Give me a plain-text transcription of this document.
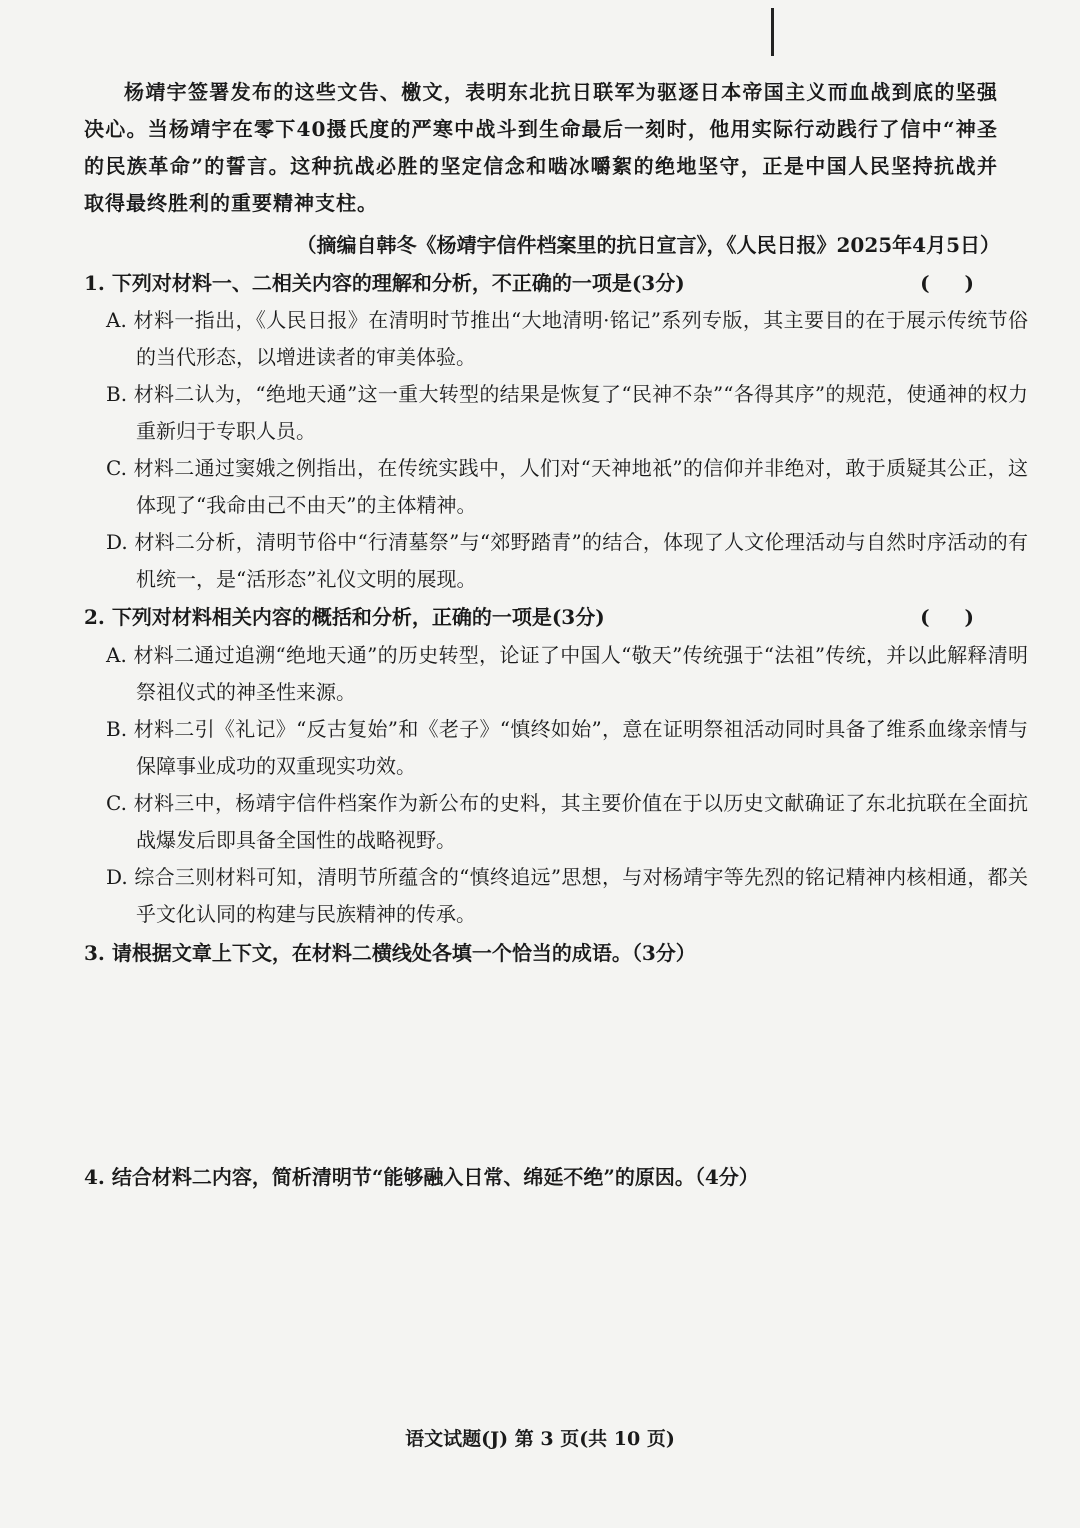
杨靖宇签署发布的这些文告、檄文，表明东北抗日联军为驱逐日本帝国主义而血战到底的坚强决心。当杨靖宇在零下40摄氏度的严寒中战斗到生命最后一刻时，他用实际行动践行了信中“神圣的民族革命”的誓言。这种抗战必胜的坚定信念和啮冰嚼絮的绝地坚守，正是中国人民坚持抗战并取得最终胜利的重要精神支柱。

（摘编自韩冬《杨靖宇信件档案里的抗日宣言》，《人民日报》2025年4月5日）

1. 下列对材料一、二相关内容的理解和分析，不正确的一项是(3分)	( )

A. 材料一指出，《人民日报》在清明时节推出“大地清明·铭记”系列专版，其主要目的在于展示传统节俗的当代形态，以增进读者的审美体验。

B. 材料二认为，“绝地天通”这一重大转型的结果是恢复了“民神不杂”“各得其序”的规范，使通神的权力重新归于专职人员。

C. 材料二通过窦娥之例指出，在传统实践中，人们对“天神地祇”的信仰并非绝对，敢于质疑其公正，这体现了“我命由己不由天”的主体精神。

D. 材料二分析，清明节俗中“行清墓祭”与“郊野踏青”的结合，体现了人文伦理活动与自然时序活动的有机统一，是“活形态”礼仪文明的展现。

2. 下列对材料相关内容的概括和分析，正确的一项是(3分)	( )

A. 材料二通过追溯“绝地天通”的历史转型，论证了中国人“敬天”传统强于“法祖”传统，并以此解释清明祭祖仪式的神圣性来源。

B. 材料二引《礼记》“反古复始”和《老子》“慎终如始”，意在证明祭祖活动同时具备了维系血缘亲情与保障事业成功的双重现实功效。

C. 材料三中，杨靖宇信件档案作为新公布的史料，其主要价值在于以历史文献确证了东北抗联在全面抗战爆发后即具备全国性的战略视野。

D. 综合三则材料可知，清明节所蕴含的“慎终追远”思想，与对杨靖宇等先烈的铭记精神内核相通，都关乎文化认同的构建与民族精神的传承。

3. 请根据文章上下文，在材料二横线处各填一个恰当的成语。（3分）
4. 结合材料二内容，简析清明节“能够融入日常、绵延不绝”的原因。（4分）
语文试题(J) 第 3 页(共 10 页)
